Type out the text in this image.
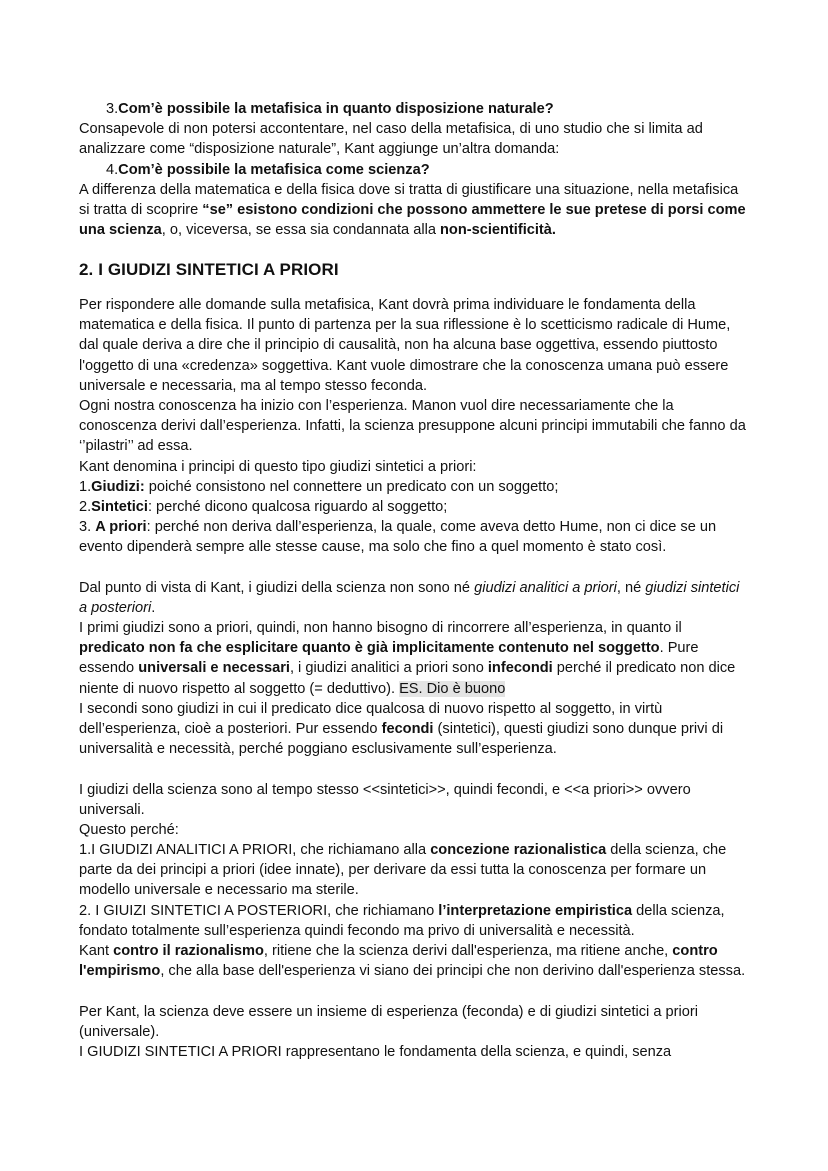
3.Com’è possibile la metafisica in quanto disposizione naturale?

Consapevole di non potersi accontentare, nel caso della metafisica, di uno studio che si limita ad analizzare come “disposizione naturale”, Kant aggiunge un’altra domanda:

4.Com’è possibile la metafisica come scienza?

A differenza della matematica e della fisica dove si tratta di giustificare una situazione, nella metafisica si tratta di scoprire “se” esistono condizioni che possono ammettere le sue pretese di porsi come una scienza, o, viceversa, se essa sia condannata alla non-scientificità.

2. I GIUDIZI SINTETICI A PRIORI

Per rispondere alle domande sulla metafisica, Kant dovrà prima individuare le fondamenta della matematica e della fisica. Il punto di partenza per la sua riflessione è lo scetticismo radicale di Hume, dal quale deriva a dire che il principio di causalità, non ha alcuna base oggettiva, essendo piuttosto l'oggetto di una «credenza» soggettiva. Kant vuole dimostrare che la conoscenza umana può essere universale e necessaria, ma al tempo stesso feconda.

Ogni nostra conoscenza ha inizio con l’esperienza. Manon vuol dire necessariamente che la conoscenza derivi dall’esperienza. Infatti, la scienza presuppone alcuni principi immutabili che fanno da ‘’pilastri’’ ad essa.

Kant denomina i principi di questo tipo giudizi sintetici a priori:

1.Giudizi: poiché consistono nel connettere un predicato con un soggetto;

2.Sintetici: perché dicono qualcosa riguardo al soggetto;

3. A priori: perché non deriva dall’esperienza, la quale, come aveva detto Hume, non ci dice se un evento dipenderà sempre alle stesse cause, ma solo che fino a quel momento è stato così.

Dal punto di vista di Kant, i giudizi della scienza non sono né giudizi analitici a priori, né giudizi sintetici a posteriori.

I primi giudizi sono a priori, quindi, non hanno bisogno di rincorrere all’esperienza, in quanto il predicato non fa che esplicitare quanto è già implicitamente contenuto nel soggetto. Pure essendo universali e necessari, i giudizi analitici a priori sono infecondi perché il predicato non dice niente di nuovo rispetto al soggetto (= deduttivo). ES. Dio è buono

I secondi sono giudizi in cui il predicato dice qualcosa di nuovo rispetto al soggetto, in virtù dell’esperienza, cioè a posteriori. Pur essendo fecondi (sintetici), questi giudizi sono dunque privi di universalità e necessità, perché poggiano esclusivamente sull’esperienza.

I giudizi della scienza sono al tempo stesso <<sintetici>>, quindi fecondi, e <<a priori>> ovvero universali.

Questo perché:

1.I GIUDIZI ANALITICI A PRIORI, che richiamano alla concezione razionalistica della scienza, che parte da dei principi a priori (idee innate), per derivare da essi tutta la conoscenza per formare un modello universale e necessario ma sterile.

2. I GIUIZI SINTETICI A POSTERIORI, che richiamano l’interpretazione empiristica della scienza, fondato totalmente sull’esperienza quindi fecondo ma privo di universalità e necessità.

Kant contro il razionalismo, ritiene che la scienza derivi dall'esperienza, ma ritiene anche, contro l'empirismo, che alla base dell'esperienza vi siano dei principi che non derivino dall'esperienza stessa.

Per Kant, la scienza deve essere un insieme di esperienza (feconda) e di giudizi sintetici a priori (universale).

I GIUDIZI SINTETICI A PRIORI rappresentano le fondamenta della scienza, e quindi, senza
